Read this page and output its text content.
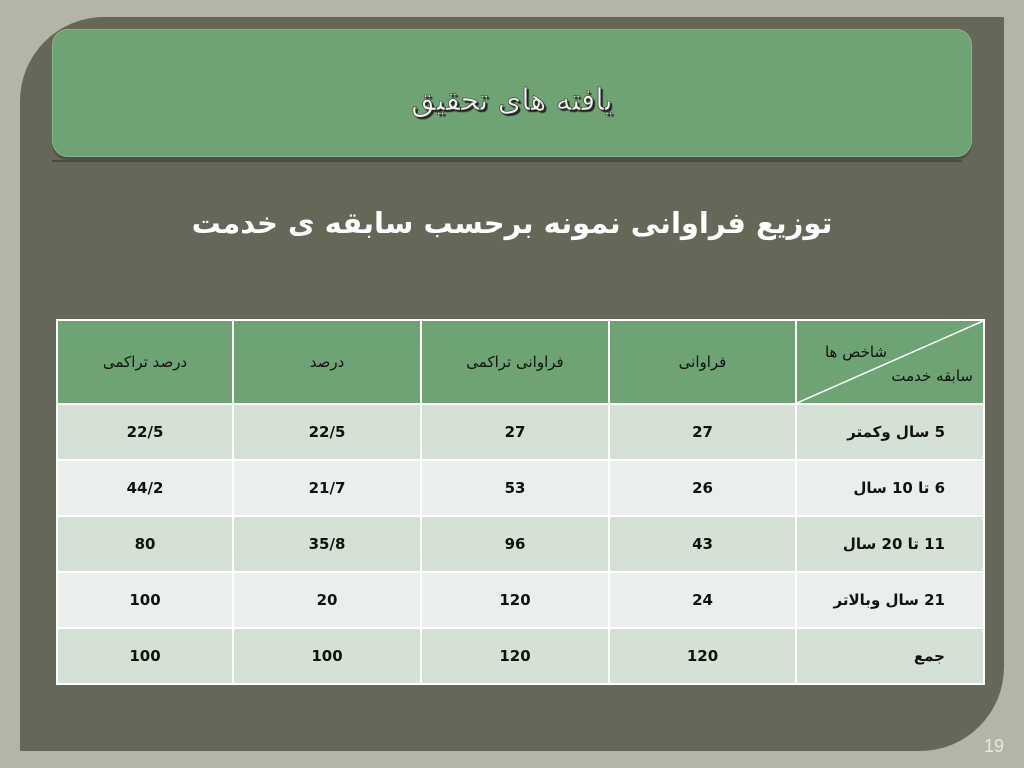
یافته های تحقیق
توزیع فراوانی نمونه برحسب سابقه ی خدمت
شاخص ها
سابقه خدمت	فراوانی	فراوانی تراکمی	درصد	درصد تراکمی
5 سال وکمتر	27	27	22/5	22/5
6 تا 10 سال	26	53	21/7	44/2
11 تا 20 سال	43	96	35/8	80
21 سال وبالاتر	24	120	20	100
جمع	120	120	100	100
19
